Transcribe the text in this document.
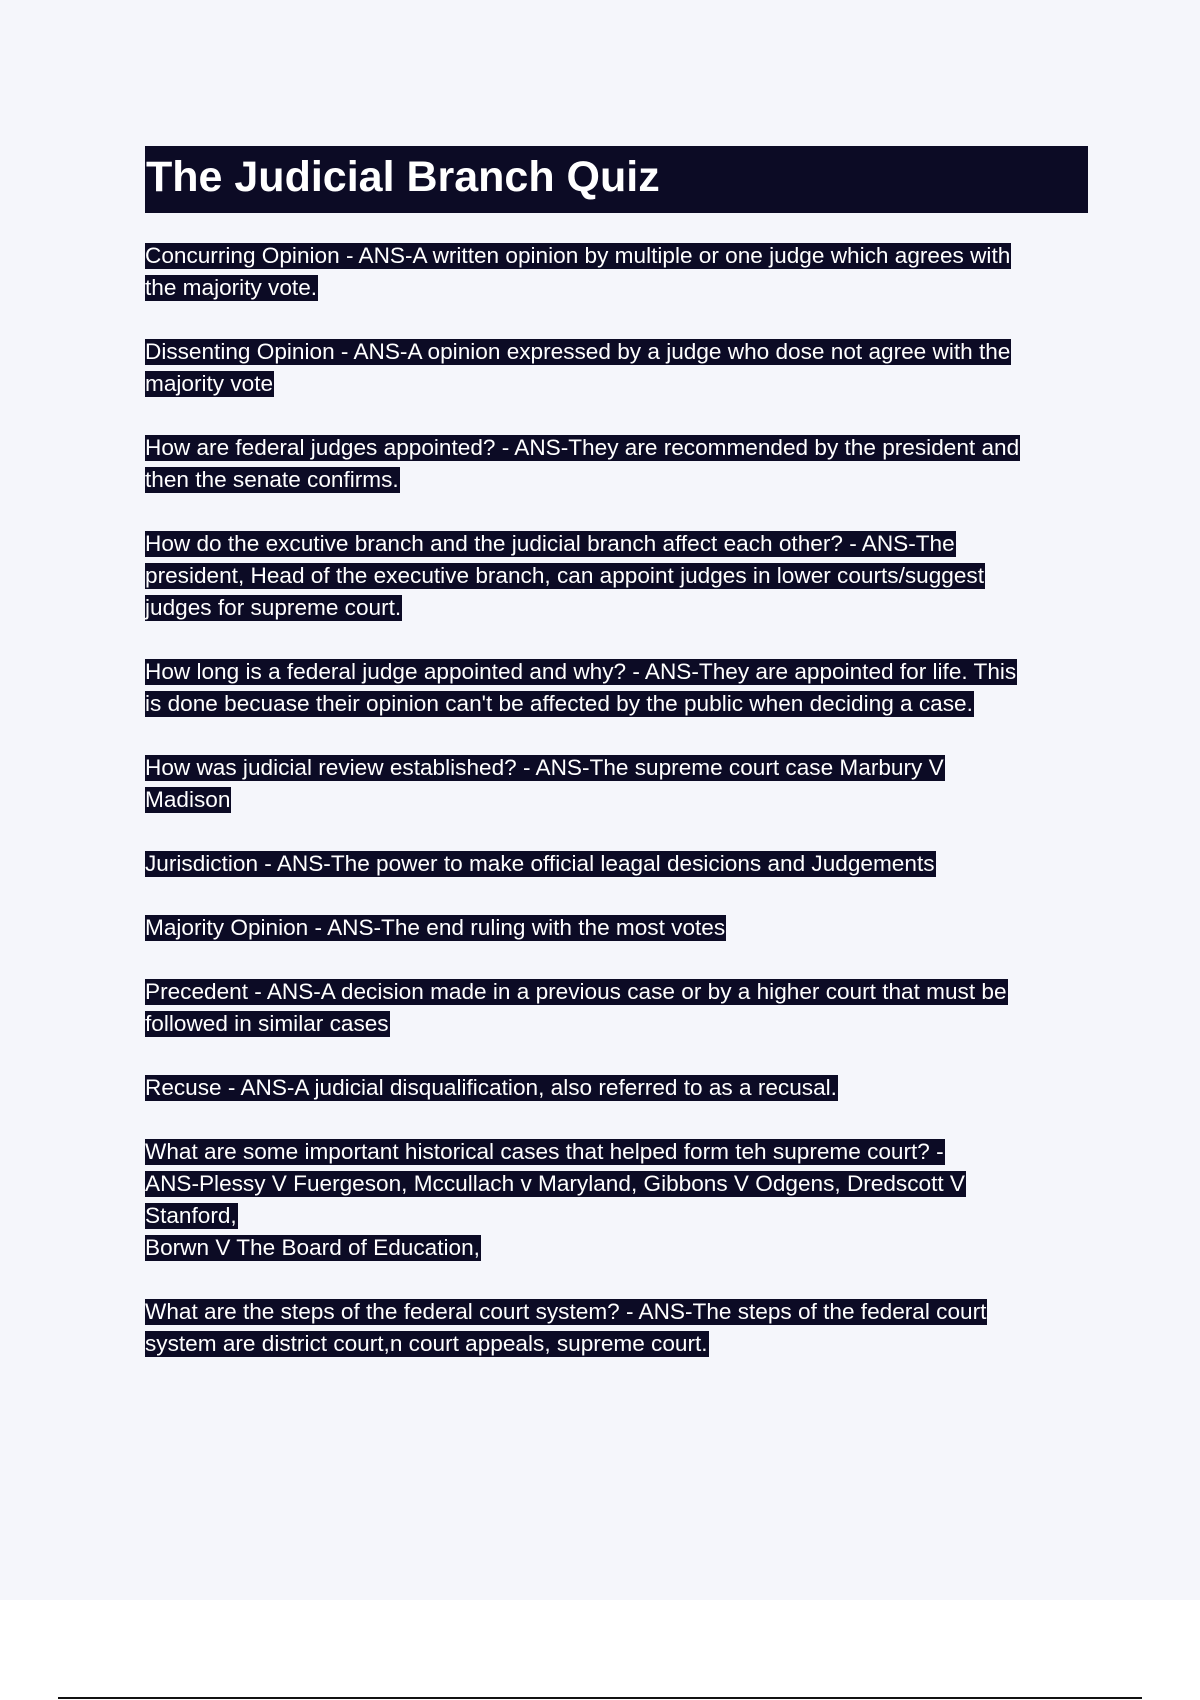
The Judicial Branch Quiz
Concurring Opinion - ANS-A written opinion by multiple or one judge which agrees with
the majority vote.
Dissenting Opinion - ANS-A opinion expressed by a judge who dose not agree with the
majority vote
How are federal judges appointed? - ANS-They are recommended by the president and
then the senate confirms.
How do the excutive branch and the judicial branch affect each other? - ANS-The
president, Head of the executive branch, can appoint judges in lower courts/suggest
judges for supreme court.
How long is a federal judge appointed and why? - ANS-They are appointed for life. This
is done becuase their opinion can't be affected by the public when deciding a case.
How was judicial review established? - ANS-The supreme court case Marbury V
Madison
Jurisdiction - ANS-The power to make official leagal desicions and Judgements
Majority Opinion - ANS-The end ruling with the most votes
Precedent - ANS-A decision made in a previous case or by a higher court that must be
followed in similar cases
Recuse - ANS-A judicial disqualification, also referred to as a recusal.
What are some important historical cases that helped form teh supreme court? -
ANS-Plessy V Fuergeson, Mccullach v Maryland, Gibbons V Odgens, Dredscott V
Stanford,
Borwn V The Board of Education,
What are the steps of the federal court system? - ANS-The steps of the federal court
system are district court,n court appeals, supreme court.
